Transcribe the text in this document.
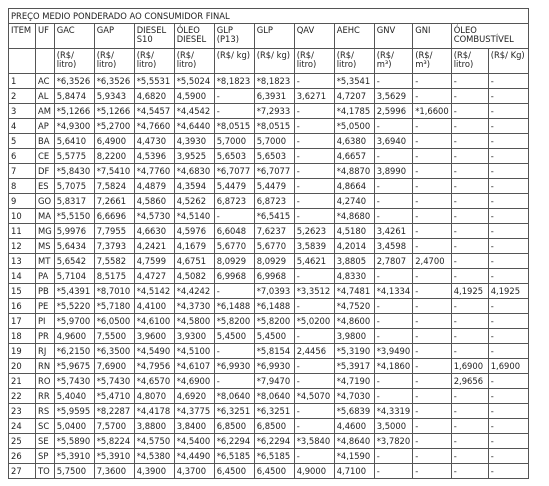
PREÇO MEDIO PONDERADO AO CONSUMIDOR FINAL													
ITEM	UF	GAC	GAP	DIESEL S10	ÓLEO DIESEL	GLP (P13)	GLP	QAV	AEHC	GNV	GNI	ÓLEO COMBUSTÍVEL	
		(R$/ litro)	(R$/ litro)	(R$/ litro)	(R$/ litro)	(R$/ kg)	(R$/ kg)	(R$/ litro)	(R$/ litro)	(R$/ m³)	(R$/ m³)	(R$/ litro)	(R$/ Kg)
1	AC	*6,3526	*6,3526	*5,5531	*5,5024	*8,1823	*8,1823	-	*5,3541	-	-	-	-
2	AL	5,8474	5,9343	4,6820	4,5900	-	6,3931	3,6271	4,7207	3,5629	-	-	-
3	AM	*5,1266	*5,1266	*4,5457	*4,4542	-	*7,2933	-	*4,1785	2,5996	*1,6600	-	-
4	AP	*4,9300	*5,2700	*4,7660	*4,6440	*8,0515	*8,0515	-	*5,0500	-	-	-	-
5	BA	5,6410	6,4900	4,4730	4,3930	5,7000	5,7000	-	4,6380	3,6940	-	-	-
6	CE	5,5775	8,2200	4,5396	3,9525	5,6503	5,6503	-	4,6657	-	-	-	-
7	DF	*5,8430	*7,5410	*4,7760	*4,6830	*6,7077	*6,7077	-	*4,8870	3,8990	-	-	-
8	ES	5,7075	7,5824	4,4879	4,3594	5,4479	5,4479	-	4,8664	-	-	-	-
9	GO	5,8317	7,2661	4,5860	4,5262	6,8723	6,8723	-	4,2740	-	-	-	-
10	MA	*5,5150	6,6696	*4,5730	*4,5140	-	*6,5415	-	*4,8680	-	-	-	-
11	MG	5,9976	7,7955	4,6630	4,5976	6,6048	7,6237	5,2623	4,5180	3,4261	-	-	-
12	MS	5,6434	7,3793	4,2421	4,1679	5,6770	5,6770	3,5839	4,2014	3,4598	-	-	-
13	MT	5,6542	7,5582	4,7599	4,6751	8,0929	8,0929	5,4621	3,8805	2,7807	2,4700	-	-
14	PA	5,7104	8,5175	4,4727	4,5082	6,9968	6,9968	-	4,8330	-	-	-	-
15	PB	*5,4391	*8,7010	*4,5142	*4,4242	-	*7,0393	*3,3512	*4,7481	*4,1334	-	4,1925	4,1925
16	PE	*5,5220	*5,7180	4,4100	*4,3730	*6,1488	*6,1488	-	*4,7520	-	-	-	-
17	PI	*5,9700	*6,0500	*4,6100	*4,5800	*5,8200	*5,8200	*5,0200	*4,8600	-	-	-	-
18	PR	4,9600	7,5500	3,9600	3,9300	5,4500	5,4500	-	3,9800	-	-	-	-
19	RJ	*6,2150	*6,3500	*4,5490	*4,5100	-	*5,8154	2,4456	*5,3190	*3,9490	-	-	-
20	RN	*5,9675	7,6900	*4,7956	*4,6107	*6,9930	*6,9930	-	*5,3917	*4,1860	-	1,6900	1,6900
21	RO	*5,7430	*5,7430	*4,6570	*4,6900	-	*7,9470	-	*4,7190	-	-	2,9656	-
22	RR	5,4040	*5,4710	4,8070	4,6920	*8,0640	*8,0640	*4,5070	*4,7030	-	-	-	-
23	RS	*5,9595	*8,2287	*4,4178	*4,3775	*6,3251	*6,3251	-	*5,6839	*4,3319	-	-	-
24	SC	5,0400	7,5700	3,8800	3,8400	6,8500	6,8500	-	4,4600	3,5000	-	-	-
25	SE	*5,5890	*5,8224	*4,5750	*4,5400	*6,2294	*6,2294	*3,5840	*4,8640	*3,7820	-	-	-
26	SP	*5,3910	*5,3910	*4,5380	*4,4490	*6,5185	*6,5185	-	*4,1590	-	-	-	-
27	TO	5,7500	7,3600	4,3900	4,3700	6,4500	6,4500	4,9000	4,7100	-	-	-	-
